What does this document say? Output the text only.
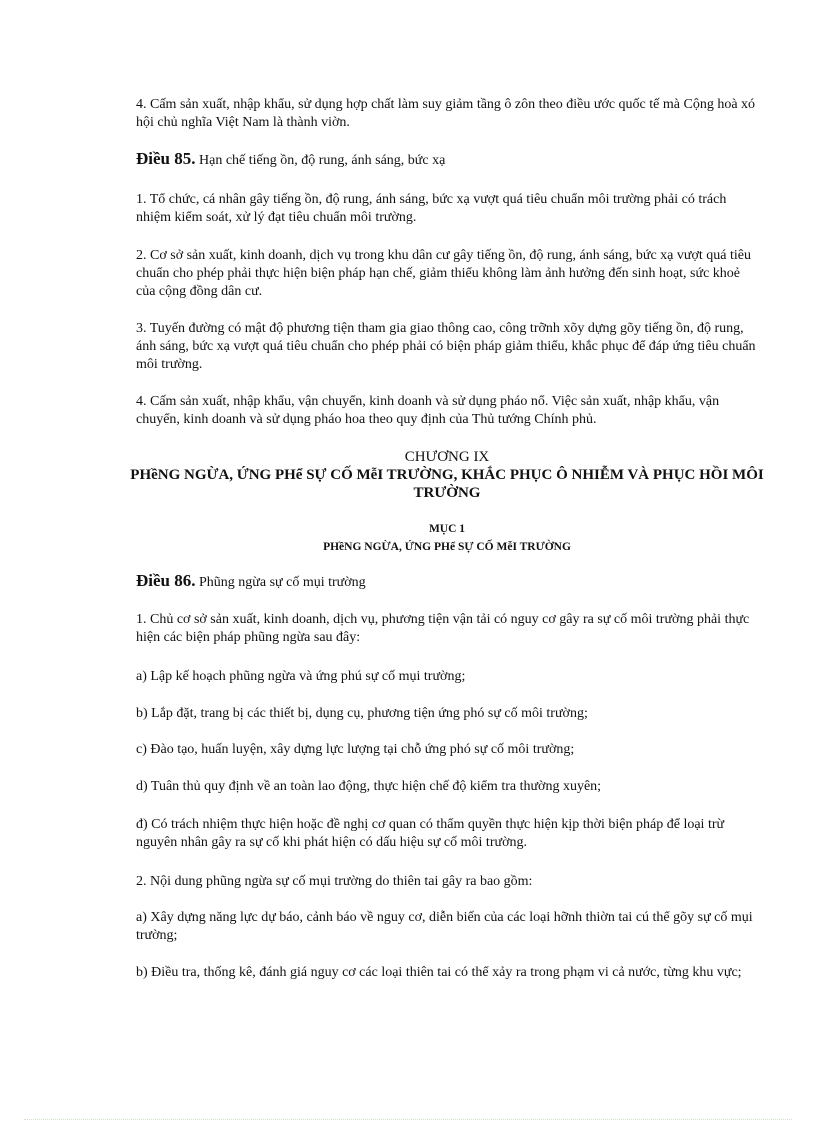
4. Cấm sản xuất, nhập khẩu, sử dụng hợp chất làm suy giảm tầng ô zôn theo điều ước quốc tế mà Cộng hoà xó hội chủ nghĩa Việt Nam là thành viờn.

Điều 85. Hạn chế tiếng ồn, độ rung, ánh sáng, bức xạ

1. Tổ chức, cá nhân gây tiếng ồn, độ rung, ánh sáng, bức xạ vượt quá tiêu chuẩn môi trường phải có trách nhiệm kiểm soát, xử lý đạt tiêu chuẩn môi trường.

2. Cơ sở sản xuất, kinh doanh, dịch vụ trong khu dân cư gây tiếng ồn, độ rung, ánh sáng, bức xạ vượt quá tiêu chuẩn cho phép phải thực hiện biện pháp hạn chế, giảm thiểu không làm ảnh hưởng đến sinh hoạt, sức khoẻ của cộng đồng dân cư.

3. Tuyến đường có mật độ phương tiện tham gia giao thông cao, công trỡnh xõy dựng gõy tiếng ồn, độ rung, ánh sáng, bức xạ vượt quá tiêu chuẩn cho phép phải có biện pháp giảm thiểu, khắc phục để đáp ứng tiêu chuẩn môi trường.

4. Cấm sản xuất, nhập khẩu, vận chuyển, kinh doanh và sử dụng pháo nổ. Việc sản xuất, nhập khẩu, vận chuyển, kinh doanh và sử dụng pháo hoa theo quy định của Thủ tướng Chính phủ.

CHƯƠNG IX

PHềNG NGỪA, ỨNG PHể SỰ CỐ MễI TRƯỜNG, KHẮC PHỤC Ô NHIỄM VÀ PHỤC HỒI MÔI TRƯỜNG

MỤC 1

PHềNG NGỪA, ỨNG PHể SỰ CỐ MễI TRƯỜNG

Điều 86. Phũng ngừa sự cố mụi trường

1. Chủ cơ sở sản xuất, kinh doanh, dịch vụ, phương tiện vận tải có nguy cơ gây ra sự cố môi trường phải thực hiện các biện pháp phũng ngừa sau đây:

a) Lập kế hoạch phũng ngừa và ứng phú sự cố mụi trường;

b) Lắp đặt, trang bị các thiết bị, dụng cụ, phương tiện ứng phó sự cố môi trường;

c) Đào tạo, huấn luyện, xây dựng lực lượng tại chỗ ứng phó sự cố môi trường;

d) Tuân thủ quy định về an toàn lao động, thực hiện chế độ kiểm tra thường xuyên;

đ) Có trách nhiệm thực hiện hoặc đề nghị cơ quan có thẩm quyền thực hiện kịp thời biện pháp để loại trừ nguyên nhân gây ra sự cố khi phát hiện có dấu hiệu sự cố môi trường.

2. Nội dung phũng ngừa sự cố mụi trường do thiên tai gây ra bao gồm:

a) Xây dựng năng lực dự báo, cảnh báo về nguy cơ, diễn biến của các loại hỡnh thiờn tai cú thể gõy sự cố mụi trường;

b) Điều tra, thống kê, đánh giá nguy cơ các loại thiên tai có thể xảy ra trong phạm vi cả nước, từng khu vực;
